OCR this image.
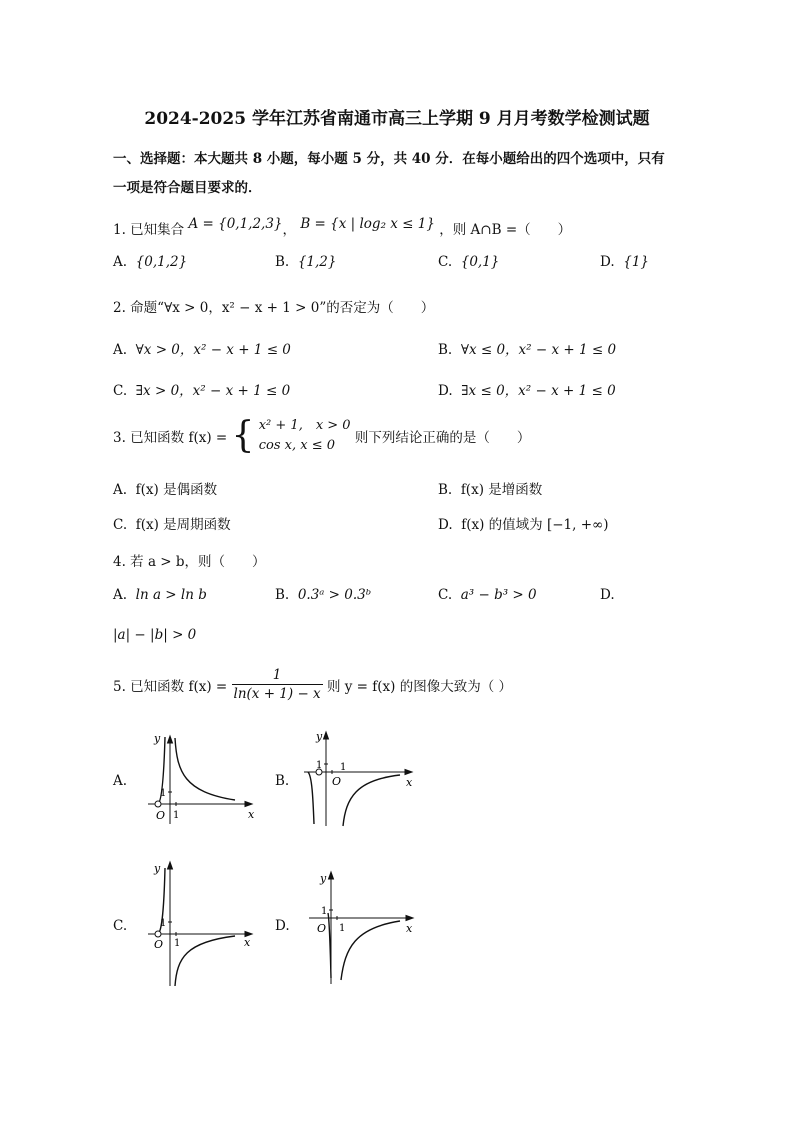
2024-2025 学年江苏省南通市高三上学期 9 月月考数学检测试题
一、选择题：本大题共 8 小题，每小题 5 分，共 40 分．在每小题给出的四个选项中，只有
一项是符合题目要求的．
1. 已知集合 A = {0,1,2,3}， B = {x | log₂ x ≤ 1} ，则 A∩B =（　　）
A. {0,1,2}	B. {1,2}	C. {0,1}	D. {1}
2. 命题“∀x > 0，x² − x + 1 > 0”的否定为（　　）
A. ∀x > 0，x² − x + 1 ≤ 0	B. ∀x ≤ 0，x² − x + 1 ≤ 0
C. ∃x > 0，x² − x + 1 ≤ 0	D. ∃x ≤ 0，x² − x + 1 ≤ 0
3. 已知函数 f(x) = { x² + 1,　x > 0
cos x, x ≤ 0	则下列结论正确的是（　　）
A. f(x) 是偶函数	B. f(x) 是增函数
C. f(x) 是周期函数	D. f(x) 的值域为 [−1, +∞)
4. 若 a > b，则（　　）
A. ln a > ln b	B. 0.3ᵃ > 0.3ᵇ	C. a³ − b³ > 0	D.
|a| − |b| > 0
5. 已知函数 $f(x) = \frac{1}{\ln(x + 1) - x}$ 则 y = f(x) 的图像大致为（ ）
A.	B.
C.	D.
y
x
O 1
1
y
x
O
1
1
y
x
O 1
1
y
x
O 1
1
